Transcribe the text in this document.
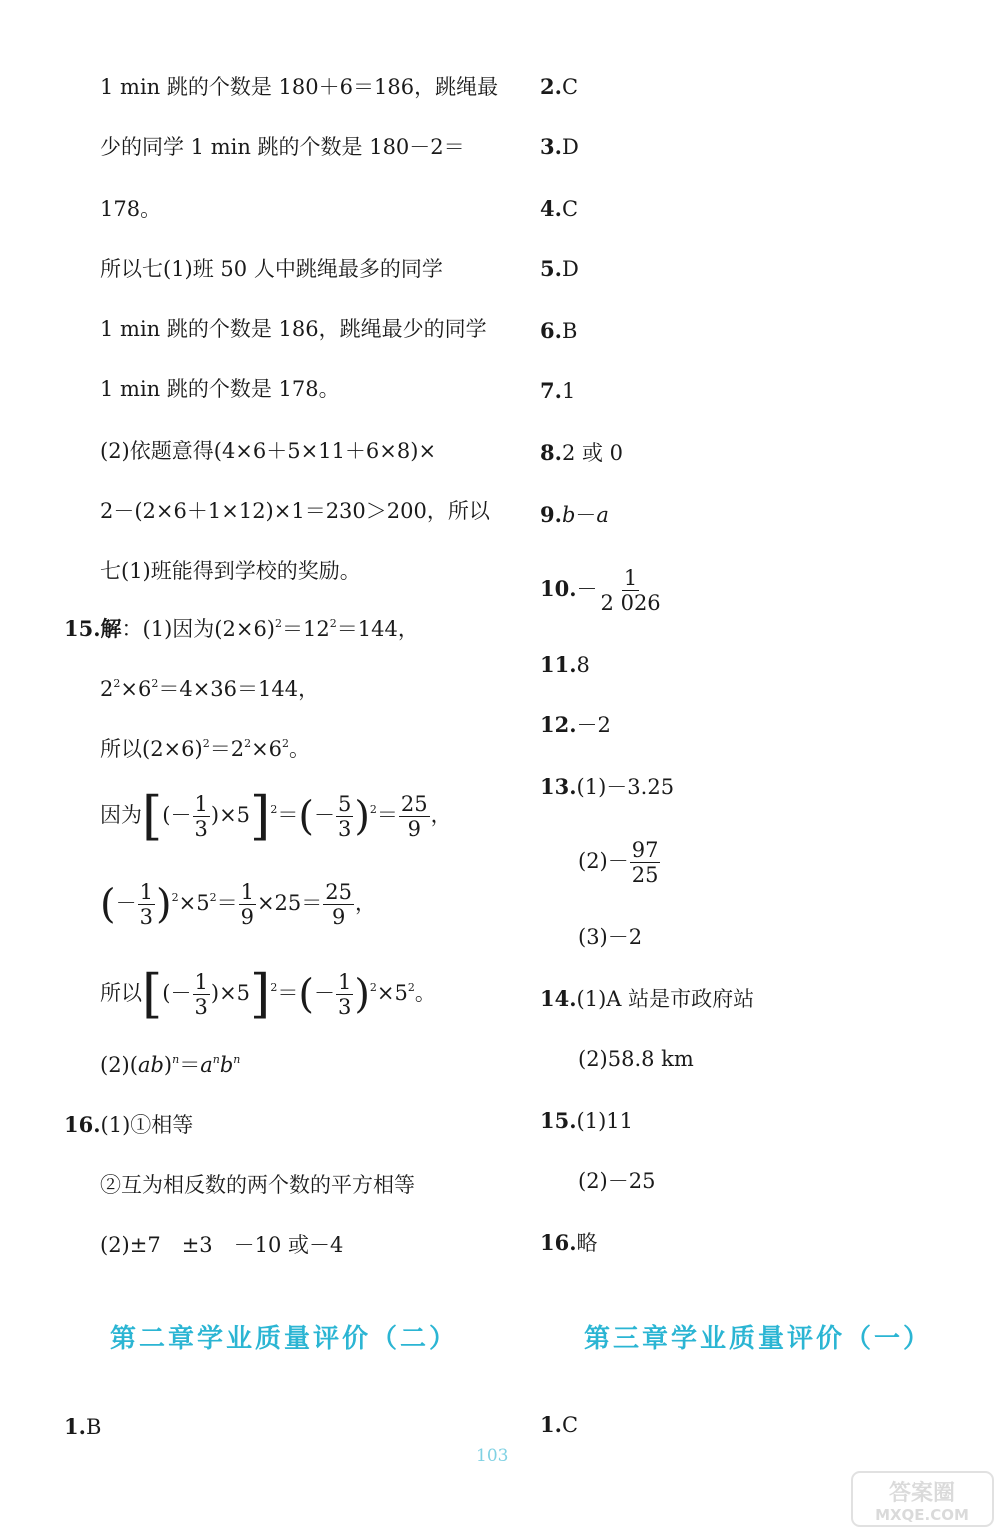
1 min 跳的个数是 180＋6＝186，跳绳最
少的同学 1 min 跳的个数是 180－2＝
178。
所以七(1)班 50 人中跳绳最多的同学
1 min 跳的个数是 186，跳绳最少的同学
1 min 跳的个数是 178。
(2)依题意得(4×6＋5×11＋6×8)×
2－(2×6＋1×12)×1＝230＞200，所以
七(1)班能得到学校的奖励。
15.解：(1)因为$(2\times 6)^2=12^2=144$，
$2^2\times 6^2=4\times 36=144$，
所以$(2\times 6)^2=2^2\times 6^2$。
因为[(－ $\frac{1}{3} )\times 5]^2=(- \frac{5}{3} )^2= \frac{25}{9}$ ，
(－ $\frac{1}{3} )^2\times 5^2= \frac{1}{9} \times 25= \frac{25}{9}$ ，
所以[(－ $\frac{1}{3} )\times 5]^2=(- \frac{1}{3} )^2\times 5^2$。
$(2)(ab)^n=a^nb^n$
16.(1)①相等
②互为相反数的两个数的平方相等
(2)±7　±3　－10 或－4
第二章学业质量评价（二）
1.B
2.C
3.D
4.C
5.D
6.B
7.1
8.2 或 0
9.b－a
$10.- \frac{1}{2 026}$
11.8
12.－2
13.(1)－3.25
$(2)- \frac{97}{25}$
(3)－2
14.(1)A 站是市政府站
(2)58.8 km
15.(1)11
(2)－25
16.略
第三章学业质量评价（一）
1.C
103
答案圈
MXQE.COM
